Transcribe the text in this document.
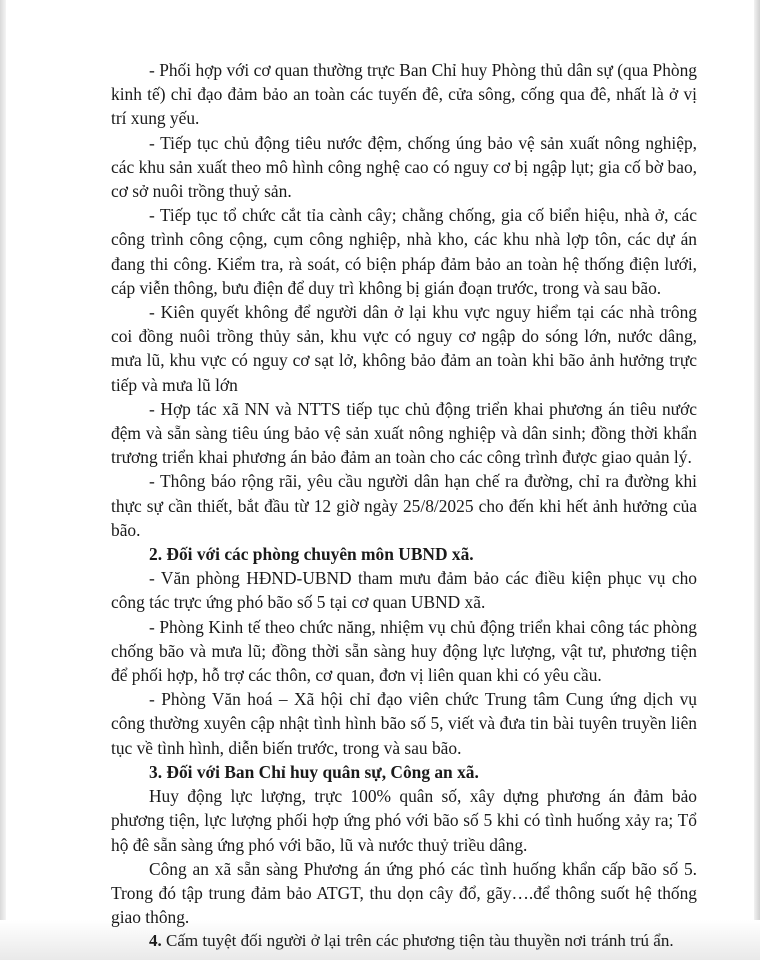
- Phối hợp với cơ quan thường trực Ban Chỉ huy Phòng thủ dân sự (qua Phòng kinh tế) chỉ đạo đảm bảo an toàn các tuyến đê, cửa sông, cống qua đê, nhất là ở vị trí xung yếu.

- Tiếp tục chủ động tiêu nước đệm, chống úng bảo vệ sản xuất nông nghiệp, các khu sản xuất theo mô hình công nghệ cao có nguy cơ bị ngập lụt; gia cố bờ bao, cơ sở nuôi trồng thuỷ sản.

- Tiếp tục tổ chức cắt tỉa cành cây; chằng chống, gia cố biển hiệu, nhà ở, các công trình công cộng, cụm công nghiệp, nhà kho, các khu nhà lợp tôn, các dự án đang thi công. Kiểm tra, rà soát, có biện pháp đảm bảo an toàn hệ thống điện lưới, cáp viễn thông, bưu điện để duy trì không bị gián đoạn trước, trong và sau bão.

- Kiên quyết không để người dân ở lại khu vực nguy hiểm tại các nhà trông coi đồng nuôi trồng thủy sản, khu vực có nguy cơ ngập do sóng lớn, nước dâng, mưa lũ, khu vực có nguy cơ sạt lở, không bảo đảm an toàn khi bão ảnh hưởng trực tiếp và mưa lũ lớn

- Hợp tác xã NN và NTTS tiếp tục chủ động triển khai phương án tiêu nước đệm và sẵn sàng tiêu úng bảo vệ sản xuất nông nghiệp và dân sinh; đồng thời khẩn trương triển khai phương án bảo đảm an toàn cho các công trình được giao quản lý.

- Thông báo rộng rãi, yêu cầu người dân hạn chế ra đường, chỉ ra đường khi thực sự cần thiết, bắt đầu từ 12 giờ ngày 25/8/2025 cho đến khi hết ảnh hưởng của bão.

2. Đối với các phòng chuyên môn UBND xã.

- Văn phòng HĐND-UBND tham mưu đảm bảo các điều kiện phục vụ cho công tác trực ứng phó bão số 5 tại cơ quan UBND xã.

- Phòng Kinh tế theo chức năng, nhiệm vụ chủ động triển khai công tác phòng chống bão và mưa lũ; đồng thời sẵn sàng huy động lực lượng, vật tư, phương tiện để phối hợp, hỗ trợ các thôn, cơ quan, đơn vị liên quan khi có yêu cầu.

- Phòng Văn hoá – Xã hội chỉ đạo viên chức Trung tâm Cung ứng dịch vụ công thường xuyên cập nhật tình hình bão số 5, viết và đưa tin bài tuyên truyền liên tục về tình hình, diễn biến trước, trong và sau bão.

3. Đối với Ban Chỉ huy quân sự, Công an xã.

Huy động lực lượng, trực 100% quân số, xây dựng phương án đảm bảo phương tiện, lực lượng phối hợp ứng phó với bão số 5 khi có tình huống xảy ra; Tổ hộ đê sẵn sàng ứng phó với bão, lũ và nước thuỷ triều dâng.

Công an xã sẵn sàng Phương án ứng phó các tình huống khẩn cấp bão số 5. Trong đó tập trung đảm bảo ATGT, thu dọn cây đổ, gãy….để thông suốt hệ thống giao thông.

4. Cấm tuyệt đối người ở lại trên các phương tiện tàu thuyền nơi tránh trú ẩn.
